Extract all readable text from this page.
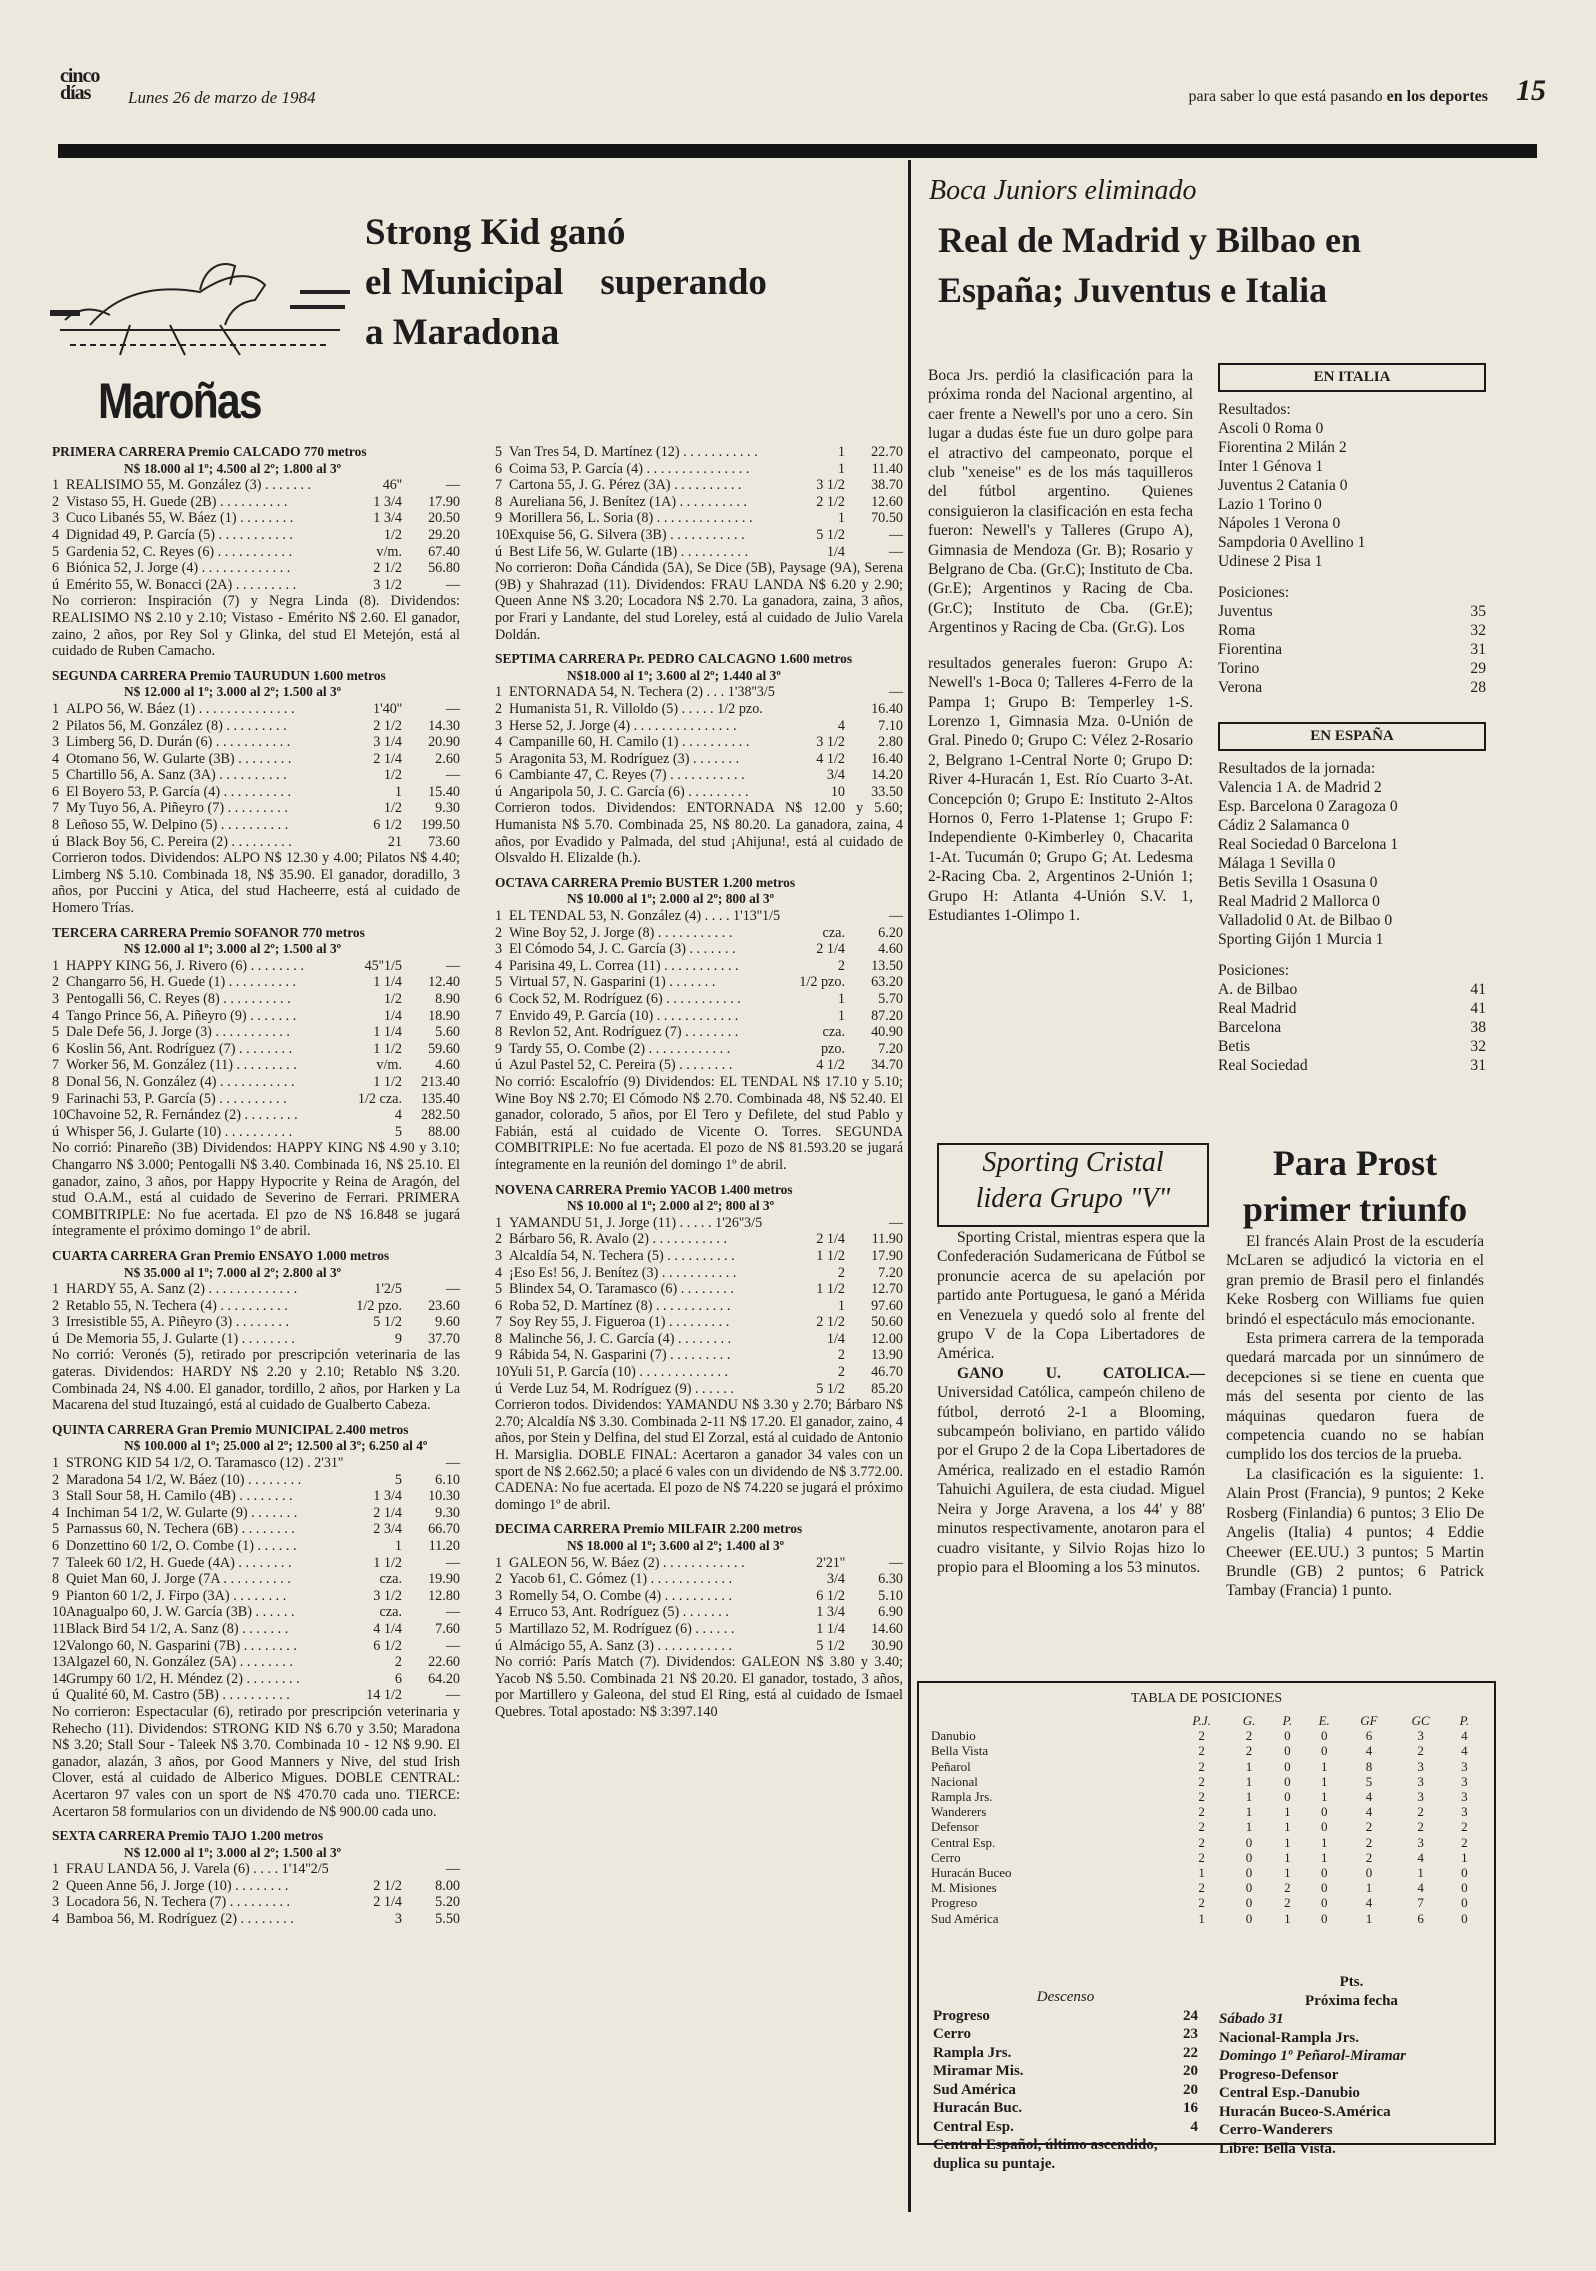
cinco
días	Lunes 26 de marzo de 1984	para saber lo que está pasando en los deportes 15
Strong Kid ganó
el Municipal superando
a Maradona
Maroñas
PRIMERA CARRERA Premio CALCADO 770 metros
N$ 18.000 al 1º; 4.500 al 2º; 1.800 al 3º
1 REALISIMO 55, M. González (3) . . . . . . .	46''	—
2 Vistaso 55, H. Guede (2B) . . . . . . . . . .	1 3/4	17.90
3 Cuco Libanés 55, W. Báez (1) . . . . . . . .	1 3/4	20.50
4 Dignidad 49, P. García (5) . . . . . . . . . . .	1/2	29.20
5 Gardenia 52, C. Reyes (6) . . . . . . . . . . .	v/m.	67.40
6 Biónica 52, J. Jorge (4) . . . . . . . . . . . . .	2 1/2	56.80
ú Emérito 55, W. Bonacci (2A) . . . . . . . . .	3 1/2	—

No corrieron: Inspiración (7) y Negra Linda (8). Dividendos: REALISIMO N$ 2.10 y 2.10; Vistaso - Emérito N$ 2.60. El ganador, zaino, 2 años, por Rey Sol y Glinka, del stud El Metejón, está al cuidado de Ruben Camacho.

SEGUNDA CARRERA Premio TAURUDUN 1.600 metros
N$ 12.000 al 1º; 3.000 al 2º; 1.500 al 3º
1 ALPO 56, W. Báez (1) . . . . . . . . . . . . . .	1'40''	—
2 Pilatos 56, M. González (8) . . . . . . . . .	2 1/2	14.30
3 Limberg 56, D. Durán (6) . . . . . . . . . . .	3 1/4	20.90
4 Otomano 56, W. Gularte (3B) . . . . . . . .	2 1/4	2.60
5 Chartillo 56, A. Sanz (3A) . . . . . . . . . .	1/2	—
6 El Boyero 53, P. García (4) . . . . . . . . . .	1	15.40
7 My Tuyo 56, A. Piñeyro (7) . . . . . . . . .	1/2	9.30
8 Leñoso 55, W. Delpino (5) . . . . . . . . . .	6 1/2	199.50
ú Black Boy 56, C. Pereira (2) . . . . . . . . .	21	73.60

Corrieron todos. Dividendos: ALPO N$ 12.30 y 4.00; Pilatos N$ 4.40; Limberg N$ 5.10. Combinada 18, N$ 35.90. El ganador, doradillo, 3 años, por Puccini y Atica, del stud Hacheerre, está al cuidado de Homero Trías.

TERCERA CARRERA Premio SOFANOR 770 metros
N$ 12.000 al 1º; 3.000 al 2º; 1.500 al 3º
1 HAPPY KING 56, J. Rivero (6) . . . . . . . .	45''1/5	—
2 Changarro 56, H. Guede (1) . . . . . . . . . .	1 1/4	12.40
3 Pentogalli 56, C. Reyes (8) . . . . . . . . . .	1/2	8.90
4 Tango Prince 56, A. Piñeyro (9) . . . . . . .	1/4	18.90
5 Dale Defe 56, J. Jorge (3) . . . . . . . . . . .	1 1/4	5.60
6 Koslin 56, Ant. Rodríguez (7) . . . . . . . .	1 1/2	59.60
7 Worker 56, M. González (11) . . . . . . . . .	v/m.	4.60
8 Donal 56, N. González (4) . . . . . . . . . . .	1 1/2	213.40
9 Farinachi 53, P. García (5) . . . . . . . . . .	1/2 cza.	135.40
10 Chavoine 52, R. Fernández (2) . . . . . . . .	4	282.50
ú Whisper 56, J. Gularte (10) . . . . . . . . . .	5	88.00

No corrió: Pinareño (3B) Dividendos: HAPPY KING N$ 4.90 y 3.10; Changarro N$ 3.000; Pentogalli N$ 3.40. Combinada 16, N$ 25.10. El ganador, zaino, 3 años, por Happy Hypocrite y Reina de Aragón, del stud O.A.M., está al cuidado de Severino de Ferrari. PRIMERA COMBITRIPLE: No fue acertada. El pzo de N$ 16.848 se jugará íntegramente el próximo domingo 1º de abril.

CUARTA CARRERA Gran Premio ENSAYO 1.000 metros
N$ 35.000 al 1º; 7.000 al 2º; 2.800 al 3º
1 HARDY 55, A. Sanz (2) . . . . . . . . . . . . .	1'2/5	—
2 Retablo 55, N. Techera (4) . . . . . . . . . .	1/2 pzo.	23.60
3 Irresistible 55, A. Piñeyro (3) . . . . . . . .	5 1/2	9.60
ú De Memoria 55, J. Gularte (1) . . . . . . . .	9	37.70

No corrió: Veronés (5), retirado por prescripción veterinaria de las gateras. Dividendos: HARDY N$ 2.20 y 2.10; Retablo N$ 3.20. Combinada 24, N$ 4.00. El ganador, tordillo, 2 años, por Harken y La Macarena del stud Ituzaingó, está al cuidado de Gualberto Cabeza.

QUINTA CARRERA Gran Premio MUNICIPAL 2.400 metros
N$ 100.000 al 1º; 25.000 al 2º; 12.500 al 3º; 6.250 al 4º
1 STRONG KID 54 1/2, O. Taramasco (12) . 2'31''	—
2 Maradona 54 1/2, W. Báez (10) . . . . . . . .	5	6.10
3 Stall Sour 58, H. Camilo (4B) . . . . . . . .	1 3/4	10.30
4 Inchiman 54 1/2, W. Gularte (9) . . . . . . .	2 1/4	9.30
5 Parnassus 60, N. Techera (6B) . . . . . . . .	2 3/4	66.70
6 Donzettino 60 1/2, O. Combe (1) . . . . . .	1	11.20
7 Taleek 60 1/2, H. Guede (4A) . . . . . . . .	1 1/2	—
8 Quiet Man 60, J. Jorge (7A . . . . . . . . . .	cza.	19.90
9 Pianton 60 1/2, J. Firpo (3A) . . . . . . . .	3 1/2	12.80
10 Anagualpo 60, J. W. García (3B) . . . . . .	cza.	—
11 Black Bird 54 1/2, A. Sanz (8) . . . . . . .	4 1/4	7.60
12 Valongo 60, N. Gasparini (7B) . . . . . . . .	6 1/2	—
13 Algazel 60, N. González (5A) . . . . . . . .	2	22.60
14 Grumpy 60 1/2, H. Méndez (2) . . . . . . . .	6	64.20
ú Qualité 60, M. Castro (5B) . . . . . . . . . .	14 1/2	—

No corrieron: Espectacular (6), retirado por prescripción veterinaria y Rehecho (11). Dividendos: STRONG KID N$ 6.70 y 3.50; Maradona N$ 3.20; Stall Sour - Taleek N$ 3.70. Combinada 10 - 12 N$ 9.90. El ganador, alazán, 3 años, por Good Manners y Nive, del stud Irish Clover, está al cuidado de Alberico Migues. DOBLE CENTRAL: Acertaron 97 vales con un sport de N$ 470.70 cada uno. TIERCE: Acertaron 58 formularios con un dividendo de N$ 900.00 cada uno.

SEXTA CARRERA Premio TAJO 1.200 metros
N$ 12.000 al 1º; 3.000 al 2º; 1.500 al 3º
1 FRAU LANDA 56, J. Varela (6) . . . . 1'14''2/5	—
2 Queen Anne 56, J. Jorge (10) . . . . . . . .	2 1/2	8.00
3 Locadora 56, N. Techera (7) . . . . . . . . .	2 1/4	5.20
4 Bamboa 56, M. Rodríguez (2) . . . . . . . .	3	5.50
5 Van Tres 54, D. Martínez (12) . . . . . . . . . . .	1	22.70
6 Coima 53, P. García (4) . . . . . . . . . . . . . . .	1	11.40
7 Cartona 55, J. G. Pérez (3A) . . . . . . . . . .	3 1/2	38.70
8 Aureliana 56, J. Benítez (1A) . . . . . . . . . .	2 1/2	12.60
9 Morillera 56, L. Soria (8) . . . . . . . . . . . . . .	1	70.50
10 Exquise 56, G. Silvera (3B) . . . . . . . . . . .	5 1/2	—
ú Best Life 56, W. Gularte (1B) . . . . . . . . . .	1/4	—

No corrieron: Doña Cándida (5A), Se Dice (5B), Paysage (9A), Serena (9B) y Shahrazad (11). Dividendos: FRAU LANDA N$ 6.20 y 2.90; Queen Anne N$ 3.20; Locadora N$ 2.70. La ganadora, zaina, 3 años, por Frari y Landante, del stud Loreley, está al cuidado de Julio Varela Doldán.

SEPTIMA CARRERA Pr. PEDRO CALCAGNO 1.600 metros
N$18.000 al 1º; 3.600 al 2º; 1.440 al 3º
1 ENTORNADA 54, N. Techera (2) . . . 1'38''3/5	—
2 Humanista 51, R. Villoldo (5) . . . . . 1/2 pzo.	16.40
3 Herse 52, J. Jorge (4) . . . . . . . . . . . . . . .	4	7.10
4 Campanille 60, H. Camilo (1) . . . . . . . . . .	3 1/2	2.80
5 Aragonita 53, M. Rodríguez (3) . . . . . . .	4 1/2	16.40
6 Cambiante 47, C. Reyes (7) . . . . . . . . . . .	3/4	14.20
ú Angaripola 50, J. C. García (6) . . . . . . . . .	10	33.50

Corrieron todos. Dividendos: ENTORNADA N$ 12.00 y 5.60; Humanista N$ 5.70. Combinada 25, N$ 80.20. La ganadora, zaina, 4 años, por Evadido y Palmada, del stud ¡Ahijuna!, está al cuidado de Olsvaldo H. Elizalde (h.).

OCTAVA CARRERA Premio BUSTER 1.200 metros
N$ 10.000 al 1º; 2.000 al 2º; 800 al 3º
1 EL TENDAL 53, N. González (4) . . . . 1'13''1/5	—
2 Wine Boy 52, J. Jorge (8) . . . . . . . . . . .	cza.	6.20
3 El Cómodo 54, J. C. García (3) . . . . . . .	2 1/4	4.60
4 Parisina 49, L. Correa (11) . . . . . . . . . . .	2	13.50
5 Virtual 57, N. Gasparini (1) . . . . . . .	1/2 pzo.	63.20
6 Cock 52, M. Rodríguez (6) . . . . . . . . . . .	1	5.70
7 Envido 49, P. García (10) . . . . . . . . . . . .	1	87.20
8 Revlon 52, Ant. Rodríguez (7) . . . . . . . .	cza.	40.90
9 Tardy 55, O. Combe (2) . . . . . . . . . . . .	pzo.	7.20
ú Azul Pastel 52, C. Pereira (5) . . . . . . . .	4 1/2	34.70

No corrió: Escalofrío (9) Dividendos: EL TENDAL N$ 17.10 y 5.10; Wine Boy N$ 2.70; El Cómodo N$ 2.70. Combinada 48, N$ 52.40. El ganador, colorado, 5 años, por El Tero y Defilete, del stud Pablo y Fabián, está al cuidado de Vicente O. Torres. SEGUNDA COMBITRIPLE: No fue acertada. El pozo de N$ 81.593.20 se jugará íntegramente en la reunión del domingo 1º de abril.

NOVENA CARRERA Premio YACOB 1.400 metros
N$ 10.000 al 1º; 2.000 al 2º; 800 al 3º
1 YAMANDU 51, J. Jorge (11) . . . . . 1'26''3/5	—
2 Bárbaro 56, R. Avalo (2) . . . . . . . . . . .	2 1/4	11.90
3 Alcaldía 54, N. Techera (5) . . . . . . . . . .	1 1/2	17.90
4 ¡Eso Es! 56, J. Benítez (3) . . . . . . . . . . .	2	7.20
5 Blindex 54, O. Taramasco (6) . . . . . . . .	1 1/2	12.70
6 Roba 52, D. Martínez (8) . . . . . . . . . . .	1	97.60
7 Soy Rey 55, J. Figueroa (1) . . . . . . . . .	2 1/2	50.60
8 Malinche 56, J. C. García (4) . . . . . . . .	1/4	12.00
9 Rábida 54, N. Gasparini (7) . . . . . . . . .	2	13.90
10 Yuli 51, P. García (10) . . . . . . . . . . . . .	2	46.70
ú Verde Luz 54, M. Rodríguez (9) . . . . . .	5 1/2	85.20

Corrieron todos. Dividendos: YAMANDU N$ 3.30 y 2.70; Bárbaro N$ 2.70; Alcaldía N$ 3.30. Combinada 2-11 N$ 17.20. El ganador, zaino, 4 años, por Stein y Delfina, del stud El Zorzal, está al cuidado de Antonio H. Marsiglia. DOBLE FINAL: Acertaron a ganador 34 vales con un sport de N$ 2.662.50; a placé 6 vales con un dividendo de N$ 3.772.00. CADENA: No fue acertada. El pozo de N$ 74.220 se jugará el próximo domingo 1º de abril.

DECIMA CARRERA Premio MILFAIR 2.200 metros
N$ 18.000 al 1º; 3.600 al 2º; 1.400 al 3º
1 GALEON 56, W. Báez (2) . . . . . . . . . . . .	2'21''	—
2 Yacob 61, C. Gómez (1) . . . . . . . . . . . .	3/4	6.30
3 Romelly 54, O. Combe (4) . . . . . . . . . .	6 1/2	5.10
4 Erruco 53, Ant. Rodríguez (5) . . . . . . .	1 3/4	6.90
5 Martillazo 52, M. Rodríguez (6) . . . . . .	1 1/4	14.60
ú Almácigo 55, A. Sanz (3) . . . . . . . . . . .	5 1/2	30.90

No corrió: París Match (7). Dividendos: GALEON N$ 3.80 y 3.40; Yacob N$ 5.50. Combinada 21 N$ 20.20. El ganador, tostado, 3 años, por Martillero y Galeona, del stud El Ring, está al cuidado de Ismael Quebres. Total apostado: N$ 3:397.140

Boca Juniors eliminado
Real de Madrid y Bilbao en
España; Juventus e Italia

Boca Jrs. perdió la clasificación para la próxima ronda del Nacional argentino, al caer frente a Newell's por uno a cero. Sin lugar a dudas éste fue un duro golpe para el atractivo del campeonato, porque el club "xeneise" es de los más taquilleros del fútbol argentino. Quienes consiguieron la clasificación en esta fecha fueron: Newell's y Talleres (Grupo A), Gimnasia de Mendoza (Gr. B); Rosario y Belgrano de Cba. (Gr.C); Instituto de Cba. (Gr.E); Argentinos y Racing de Cba. (Gr.C); Instituto de Cba. (Gr.E); Argentinos y Racing de Cba. (Gr.G). Los

resultados generales fueron: Grupo A: Newell's 1-Boca 0; Talleres 4-Ferro de la Pampa 1; Grupo B: Temperley 1-S. Lorenzo 1, Gimnasia Mza. 0-Unión de Gral. Pinedo 0; Grupo C: Vélez 2-Rosario 2, Belgrano 1-Central Norte 0; Grupo D: River 4-Huracán 1, Est. Río Cuarto 3-At. Concepción 0; Grupo E: Instituto 2-Altos Hornos 0, Ferro 1-Platense 1; Grupo F: Independiente 0-Kimberley 0, Chacarita 1-At. Tucumán 0; Grupo G; At. Ledesma 2-Racing Cba. 2, Argentinos 2-Unión 1; Grupo H: Atlanta 4-Unión S.V. 1, Estudiantes 1-Olimpo 1.

EN ITALIA
Resultados:
Ascoli 0 Roma 0
Fiorentina 2 Milán 2
Inter 1 Génova 1
Juventus 2 Catania 0
Lazio 1 Torino 0
Nápoles 1 Verona 0
Sampdoria 0 Avellino 1
Udinese 2 Pisa 1
Posiciones:
Juventus	35
Roma	32
Fiorentina	31
Torino	29
Verona	28
EN ESPAÑA
Resultados de la jornada:
Valencia 1 A. de Madrid 2
Esp. Barcelona 0 Zaragoza 0
Cádiz 2 Salamanca 0
Real Sociedad 0 Barcelona 1
Málaga 1 Sevilla 0
Betis Sevilla 1 Osasuna 0
Real Madrid 2 Mallorca 0
Valladolid 0 At. de Bilbao 0
Sporting Gijón 1 Murcia 1
Posiciones:
A. de Bilbao	41
Real Madrid	41
Barcelona	38
Betis	32
Real Sociedad	31
Sporting Cristal
lidera Grupo "V"

Sporting Cristal, mientras espera que la Confederación Sudamericana de Fútbol se pronuncie acerca de su apelación por partido ante Portuguesa, le ganó a Mérida en Venezuela y quedó solo al frente del grupo V de la Copa Libertadores de América.

GANO U. CATOLICA.— Universidad Católica, campeón chileno de fútbol, derrotó 2-1 a Blooming, subcampeón boliviano, en partido válido por el Grupo 2 de la Copa Libertadores de América, realizado en el estadio Ramón Tahuichi Aguilera, de esta ciudad. Miguel Neira y Jorge Aravena, a los 44' y 88' minutos respectivamente, anotaron para el cuadro visitante, y Silvio Rojas hizo lo propio para el Blooming a los 53 minutos.

Para Prost
primer triunfo

El francés Alain Prost de la escudería McLaren se adjudicó la victoria en el gran premio de Brasil pero el finlandés Keke Rosberg con Williams fue quien brindó el espectáculo más emocionante.

Esta primera carrera de la temporada quedará marcada por un sinnúmero de decepciones si se tiene en cuenta que más del sesenta por ciento de las máquinas quedaron fuera de competencia cuando no se habían cumplido los dos tercios de la prueba.

La clasificación es la siguiente: 1. Alain Prost (Francia), 9 puntos; 2 Keke Rosberg (Finlandia) 6 puntos; 3 Elio De Angelis (Italia) 4 puntos; 4 Eddie Cheewer (EE.UU.) 3 puntos; 5 Martin Brundle (GB) 2 puntos; 6 Patrick Tambay (Francia) 1 punto.

TABLA DE POSICIONES
	P.J.	G.	P.	E.	GF	GC	P.
Danubio	2	2	0	0	6	3	4
Bella Vista	2	2	0	0	4	2	4
Peñarol	2	1	0	1	8	3	3
Nacional	2	1	0	1	5	3	3
Rampla Jrs.	2	1	0	1	4	3	3
Wanderers	2	1	1	0	4	2	3
Defensor	2	1	1	0	2	2	2
Central Esp.	2	0	1	1	2	3	2
Cerro	2	0	1	1	2	4	1
Huracán Buceo	1	0	1	0	0	1	0
M. Misiones	2	0	2	0	1	4	0
Progreso	2	0	2	0	4	7	0
Sud América	1	0	1	0	1	6	0
Descenso
Progreso	24
Cerro	23
Rampla Jrs.	22
Miramar Mis.	20
Sud América	20
Huracán Buc.	16
Central Esp.	4
Central Español, último ascendido, duplica su puntaje.
Pts.
Próxima fecha
Sábado 31
Nacional-Rampla Jrs.
Domingo 1º Peñarol-Miramar
Progreso-Defensor
Central Esp.-Danubio
Huracán Buceo-S.América
Cerro-Wanderers
Libre: Bella Vista.
